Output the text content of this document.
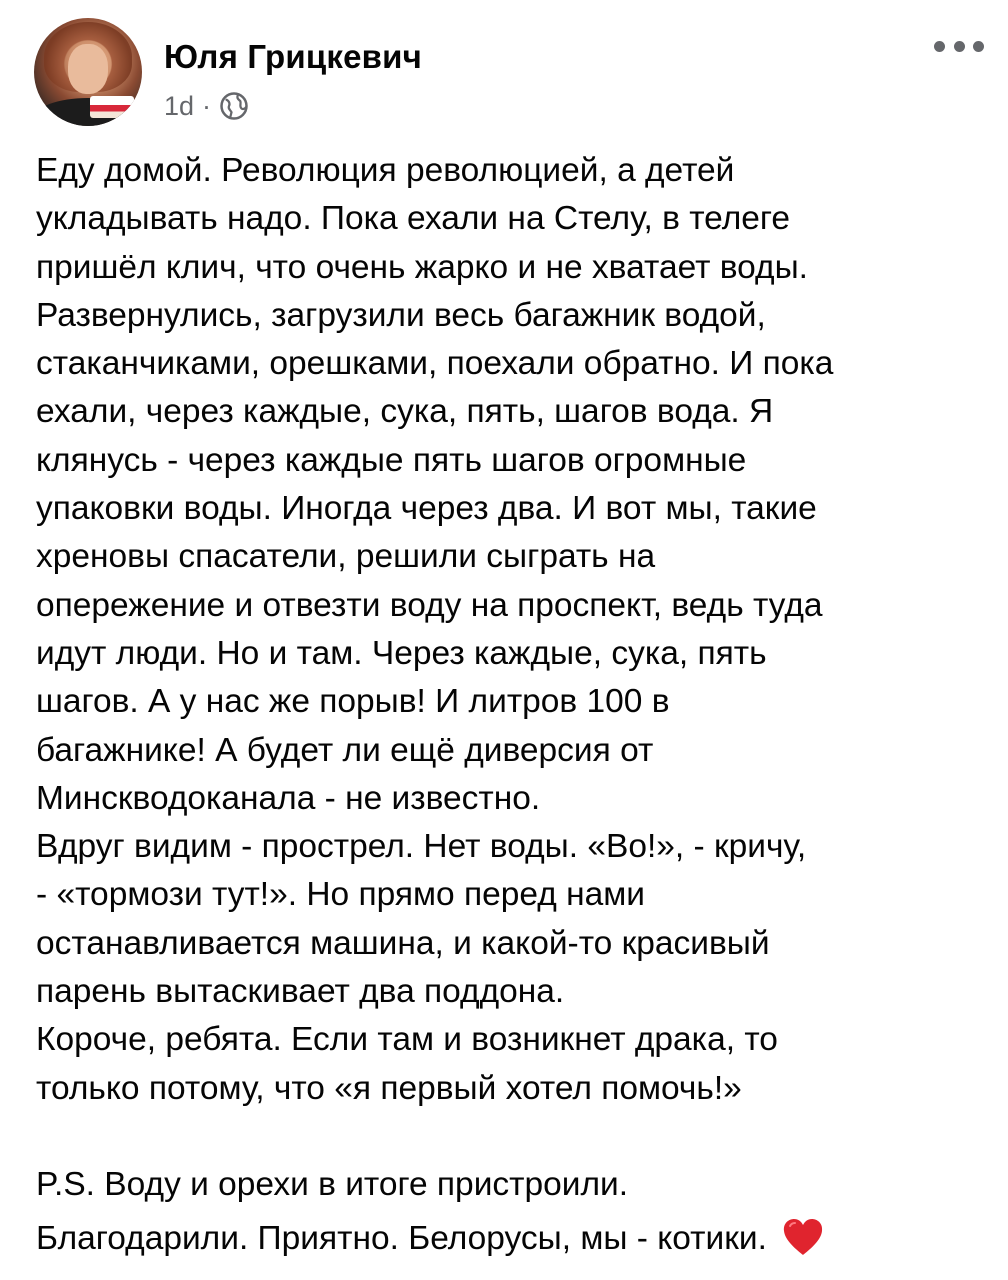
Юля Грицкевич
1d ·

Еду домой. Революция революцией, а детей
укладывать надо. Пока ехали на Стелу, в телеге
пришёл клич, что очень жарко и не хватает воды.
Развернулись, загрузили весь багажник водой,
стаканчиками, орешками, поехали обратно. И пока
ехали, через каждые, сука, пять, шагов вода. Я
клянусь - через каждые пять шагов огромные
упаковки воды. Иногда через два. И вот мы, такие
хреновы спасатели, решили сыграть на
опережение и отвезти воду на проспект, ведь туда
идут люди. Но и там. Через каждые, сука, пять
шагов. А у нас же порыв! И литров 100 в
багажнике! А будет ли ещё диверсия от
Минскводоканала - не известно.

Вдруг видим - прострел. Нет воды. «Во!», - кричу,
- «тормози тут!». Но прямо перед нами
останавливается машина, и какой-то красивый
парень вытаскивает два поддона.

Короче, ребята. Если там и возникнет драка, то
только потому, что «я первый хотел помочь!»

P.S. Воду и орехи в итоге пристроили.
Благодарили. Приятно. Белорусы, мы - котики.
